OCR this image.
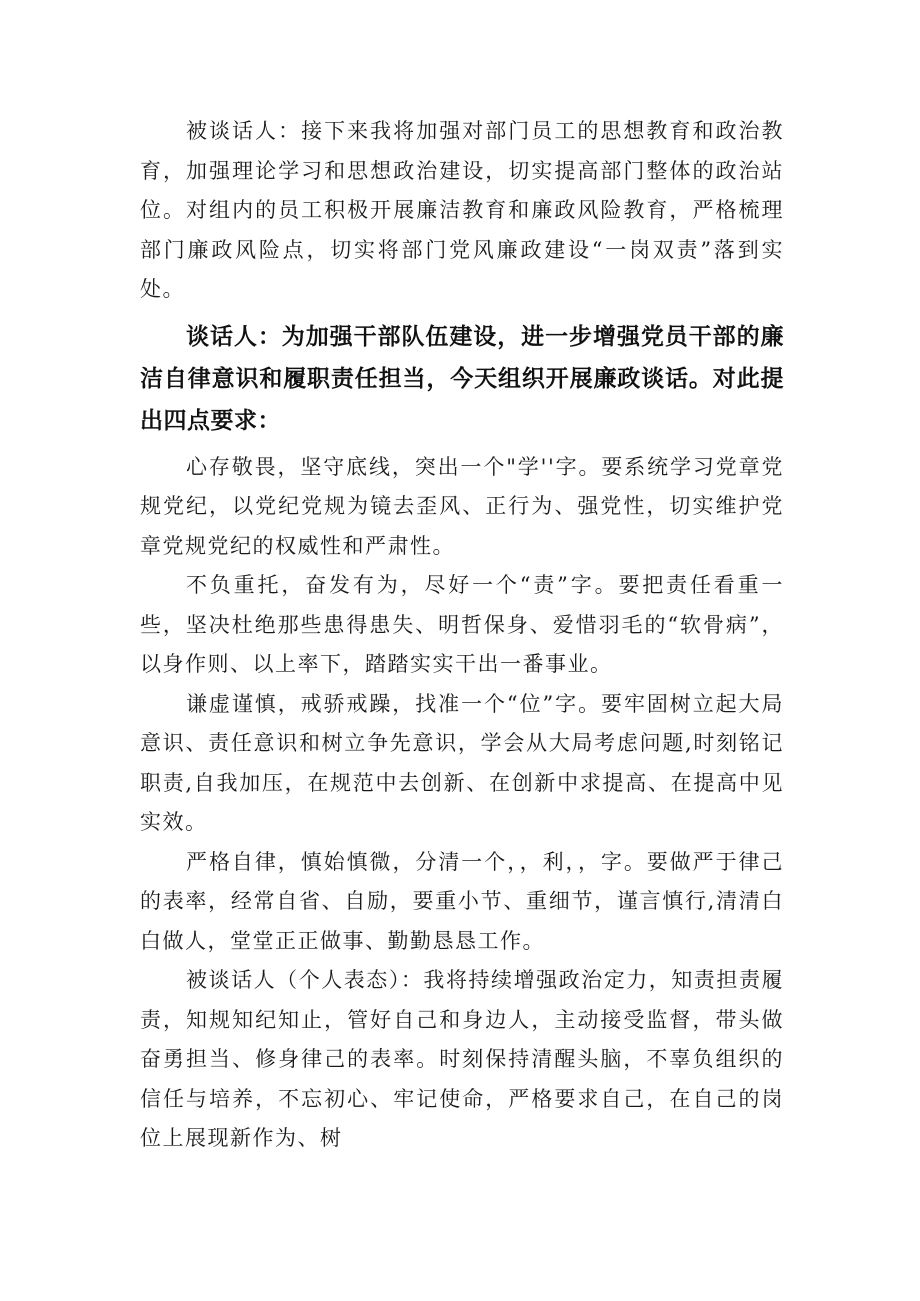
被谈话人：接下来我将加强对部门员工的思想教育和政治教育，加强理论学习和思想政治建设，切实提高部门整体的政治站位。对组内的员工积极开展廉洁教育和廉政风险教育，严格梳理部门廉政风险点，切实将部门党风廉政建设“一岗双责”落到实处。

谈话人：为加强干部队伍建设，进一步增强党员干部的廉洁自律意识和履职责任担当，今天组织开展廉政谈话。对此提出四点要求：

心存敬畏，坚守底线，突出一个"学''字。要系统学习党章党规党纪，以党纪党规为镜去歪风、正行为、强党性，切实维护党章党规党纪的权威性和严肃性。

不负重托，奋发有为，尽好一个“责”字。要把责任看重一些，坚决杜绝那些患得患失、明哲保身、爱惜羽毛的“软骨病”，以身作则、以上率下，踏踏实实干出一番事业。

谦虚谨慎，戒骄戒躁，找准一个“位”字。要牢固树立起大局意识、责任意识和树立争先意识，学会从大局考虑问题,时刻铭记职责,自我加压，在规范中去创新、在创新中求提高、在提高中见实效。

严格自律，慎始慎微，分清一个，，利，，字。要做严于律己的表率，经常自省、自励，要重小节、重细节，谨言慎行,清清白白做人，堂堂正正做事、勤勤恳恳工作。

被谈话人（个人表态）：我将持续增强政治定力，知责担责履责，知规知纪知止，管好自己和身边人，主动接受监督，带头做奋勇担当、修身律己的表率。时刻保持清醒头脑，不辜负组织的信任与培养，不忘初心、牢记使命，严格要求自己，在自己的岗位上展现新作为、树
